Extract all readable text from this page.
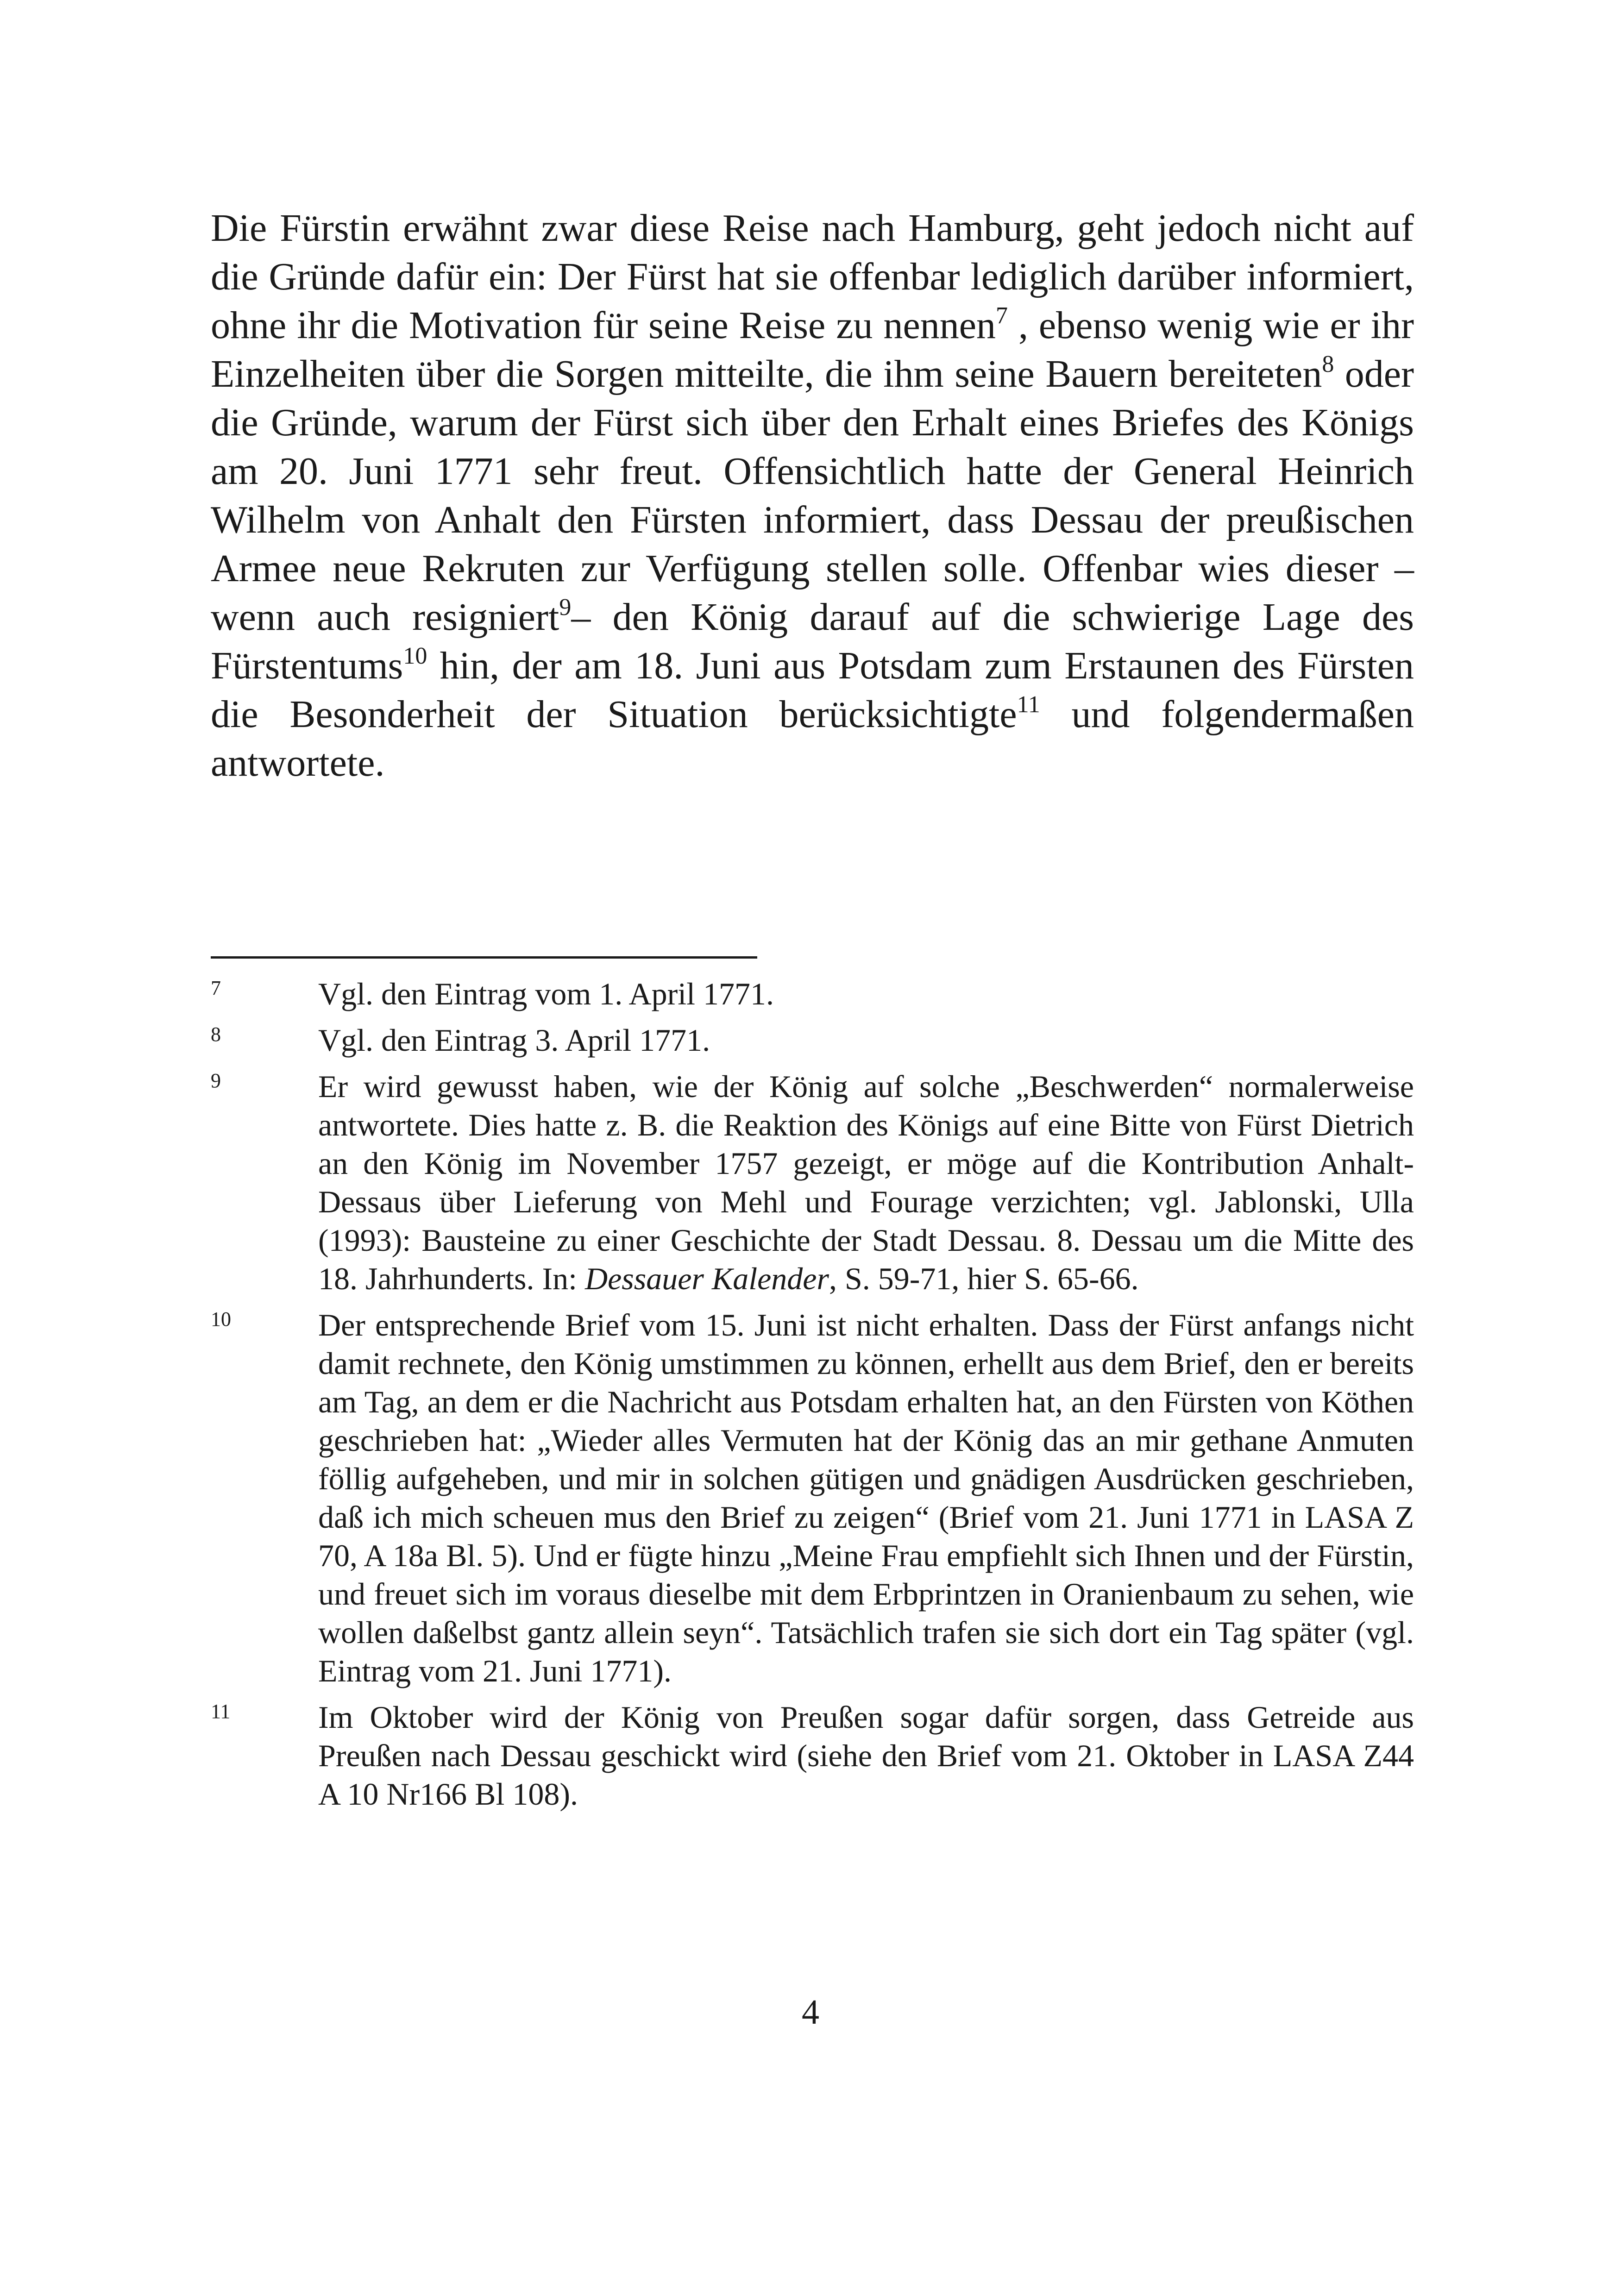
Die Fürstin erwähnt zwar diese Reise nach Hamburg, geht jedoch nicht auf die Gründe dafür ein: Der Fürst hat sie offenbar lediglich darüber informiert, ohne ihr die Motivation für seine Reise zu nennen$^7$ , ebenso wenig wie er ihr Einzelheiten über die Sorgen mitteilte, die ihm seine Bauern bereiteten$^8$ oder die Gründe, warum der Fürst sich über den Erhalt eines Briefes des Königs am 20. Juni 1771 sehr freut. Offensichtlich hatte der General Heinrich Wilhelm von Anhalt den Fürsten informiert, dass Dessau der preußischen Armee neue Rekruten zur Verfügung stellen solle. Offenbar wies dieser – wenn auch resigniert$^9$– den König darauf auf die schwierige Lage des Fürstentums$^{10}$ hin, der am 18. Juni aus Potsdam zum Erstaunen des Fürsten die Besonderheit der Situation berücksichtigte$^{11}$ und folgendermaßen antwortete.

7	Vgl. den Eintrag vom 1. April 1771.
8	Vgl. den Eintrag 3. April 1771.
9	Er wird gewusst haben, wie der König auf solche „Beschwerden“ normalerweise antwortete. Dies hatte z. B. die Reaktion des Königs auf eine Bitte von Fürst Dietrich an den König im November 1757 gezeigt, er möge auf die Kontribution Anhalt-Dessaus über Lieferung von Mehl und Fourage verzichten; vgl. Jablonski, Ulla (1993): Bausteine zu einer Geschichte der Stadt Dessau. 8. Dessau um die Mitte des 18. Jahrhunderts. In: Dessauer Kalender, S. 59-71, hier S. 65-66.
10	Der entsprechende Brief vom 15. Juni ist nicht erhalten. Dass der Fürst anfangs nicht damit rechnete, den König umstimmen zu können, erhellt aus dem Brief, den er bereits am Tag, an dem er die Nachricht aus Potsdam erhalten hat, an den Fürsten von Köthen geschrieben hat: „Wieder alles Vermuten hat der König das an mir gethane Anmuten föllig aufgeheben, und mir in solchen gütigen und gnädigen Ausdrücken geschrieben, daß ich mich scheuen mus den Brief zu zeigen“ (Brief vom 21. Juni 1771 in LASA Z 70, A 18a Bl. 5). Und er fügte hinzu „Meine Frau empfiehlt sich Ihnen und der Fürstin, und freuet sich im voraus dieselbe mit dem Erbprintzen in Oranienbaum zu sehen, wie wollen daßelbst gantz allein seyn“. Tatsächlich trafen sie sich dort ein Tag später (vgl. Eintrag vom 21. Juni 1771).
11	Im Oktober wird der König von Preußen sogar dafür sorgen, dass Getreide aus Preußen nach Dessau geschickt wird (siehe den Brief vom 21. Oktober in LASA Z44 A 10 Nr166 Bl 108).
4
